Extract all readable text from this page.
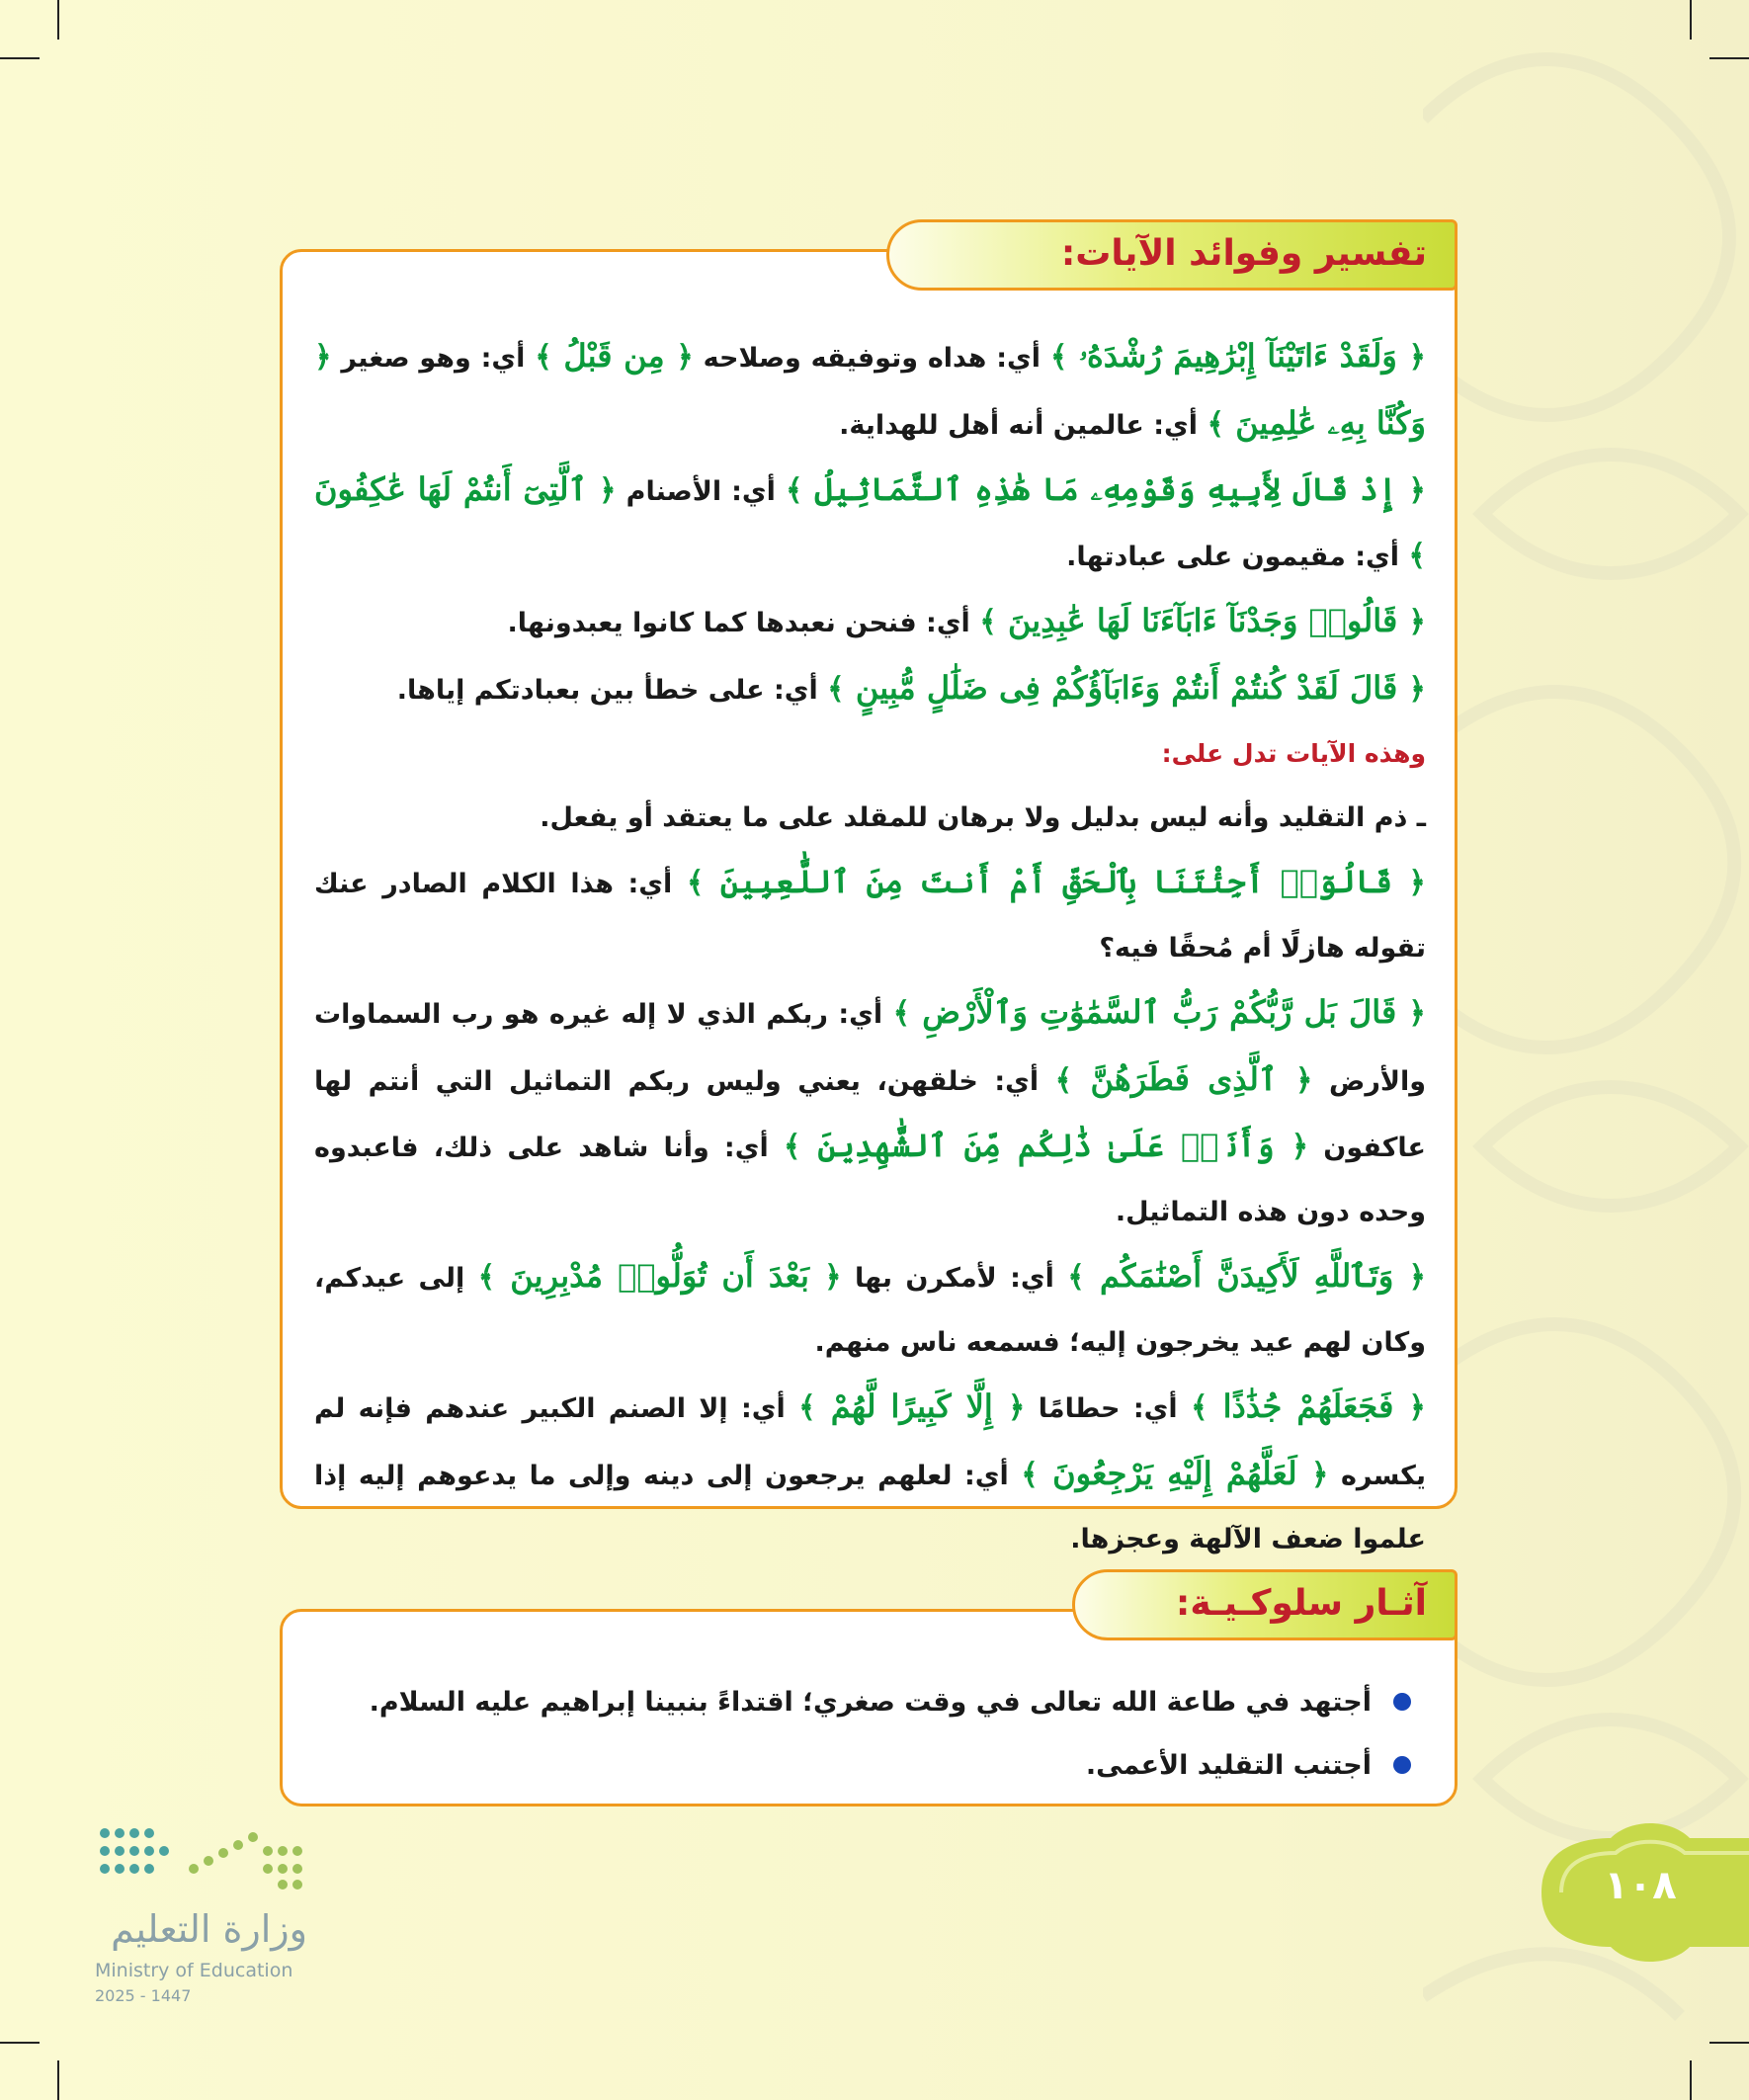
تفسير وفوائد الآيات:

﴿ وَلَقَدْ ءَاتَيْنَآ إِبْرَٰهِيمَ رُشْدَهُۥ ﴾ أي: هداه وتوفيقه وصلاحه ﴿ مِن قَبْلُ ﴾ أي: وهو صغير ﴿ وَكُنَّا بِهِۦ عَٰلِمِينَ ﴾ أي: عالمين أنه أهل للهداية.

﴿ إِذْ قَالَ لِأَبِيهِ وَقَوْمِهِۦ مَا هَٰذِهِ ٱلتَّمَاثِيلُ ﴾ أي: الأصنام ﴿ ٱلَّتِىٓ أَنتُمْ لَهَا عَٰكِفُونَ ﴾ أي: مقيمون على عبادتها.

﴿ قَالُوا۟ وَجَدْنَآ ءَابَآءَنَا لَهَا عَٰبِدِينَ ﴾ أي: فنحن نعبدها كما كانوا يعبدونها.

﴿ قَالَ لَقَدْ كُنتُمْ أَنتُمْ وَءَابَآؤُكُمْ فِى ضَلَٰلٍ مُّبِينٍ ﴾ أي: على خطأ بين بعبادتكم إياها.

وهذه الآيات تدل على:

ـ ذم التقليد وأنه ليس بدليل ولا برهان للمقلد على ما يعتقد أو يفعل.

﴿ قَالُوٓا۟ أَجِئْتَنَا بِٱلْحَقِّ أَمْ أَنتَ مِنَ ٱللَّٰعِبِينَ ﴾ أي: هذا الكلام الصادر عنك تقوله هازلًا أم مُحقًا فيه؟

﴿ قَالَ بَل رَّبُّكُمْ رَبُّ ٱلسَّمَٰوَٰتِ وَٱلْأَرْضِ ﴾ أي: ربكم الذي لا إله غيره هو رب السماوات والأرض ﴿ ٱلَّذِى فَطَرَهُنَّ ﴾ أي: خلقهن، يعني وليس ربكم التماثيل التي أنتم لها عاكفون ﴿ وَأَنَا۠ عَلَىٰ ذَٰلِكُم مِّنَ ٱلشَّٰهِدِينَ ﴾ أي: وأنا شاهد على ذلك، فاعبدوه وحده دون هذه التماثيل.

﴿ وَتَٱللَّهِ لَأَكِيدَنَّ أَصْنَٰمَكُم ﴾ أي: لأمكرن بها ﴿ بَعْدَ أَن تُوَلُّوا۟ مُدْبِرِينَ ﴾ إلى عيدكم، وكان لهم عيد يخرجون إليه؛ فسمعه ناس منهم.

﴿ فَجَعَلَهُمْ جُذَٰذًا ﴾ أي: حطامًا ﴿ إِلَّا كَبِيرًا لَّهُمْ ﴾ أي: إلا الصنم الكبير عندهم فإنه لم يكسره ﴿ لَعَلَّهُمْ إِلَيْهِ يَرْجِعُونَ ﴾ أي: لعلهم يرجعون إلى دينه وإلى ما يدعوهم إليه إذا علموا ضعف الآلهة وعجزها.

آثـار سلوكـيـة:
أجتهد في طاعة الله تعالى في وقت صغري؛ اقتداءً بنبينا إبراهيم عليه السلام.
أجتنب التقليد الأعمى.
١٠٨
وزارة التعليم
Ministry of Education
2025 - 1447
